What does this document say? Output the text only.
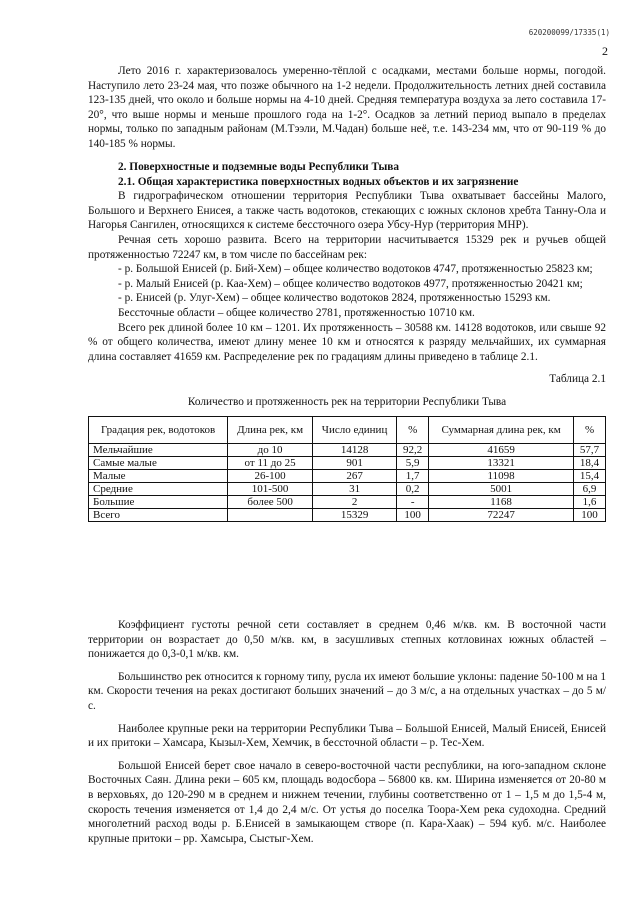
620200099/17335(1)
2

Лето 2016 г. характеризовалось умеренно-тёплой с осадками, местами больше нормы, погодой. Наступило лето 23-24 мая, что позже обычного на 1-2 недели. Продолжительность летних дней составила 123-135 дней, что около и больше нормы на 4-10 дней. Средняя температура воздуха за лето составила 17-20°, что выше нормы и меньше прошлого года на 1-2°. Осадков за летний период выпало в пределах нормы, только по западным районам (М.Тээли, М.Чадан) больше неё, т.е. 143-234 мм, что от 90-119 % до 140-185 % нормы.

2. Поверхностные и подземные воды Республики Тыва

2.1. Общая характеристика поверхностных водных объектов и их загрязнение

В гидрографическом отношении территория Республики Тыва охватывает бассейны Малого, Большого и Верхнего Енисея, а также часть водотоков, стекающих с южных склонов хребта Танну-Ола и Нагорья Сангилен, относящихся к системе бессточного озера Убсу-Нур (территория МНР).

Речная сеть хорошо развита. Всего на территории насчитывается 15329 рек и ручьев общей протяженностью 72247 км, в том числе по бассейнам рек:

- р. Большой Енисей (р. Бий-Хем) – общее количество водотоков 4747, протяженностью 25823 км;

- р. Малый Енисей (р. Каа-Хем) – общее количество водотоков 4977, протяженностью 20421 км;

- р. Енисей (р. Улуг-Хем) – общее количество водотоков 2824, протяженностью 15293 км.

Бессточные области – общее количество 2781, протяженностью 10710 км.

Всего рек длиной более 10 км – 1201. Их протяженность – 30588 км. 14128 водотоков, или свыше 92 % от общего количества, имеют длину менее 10 км и относятся к разряду мельчайших, их суммарная длина составляет 41659 км. Распределение рек по градациям длины приведено в таблице 2.1.

Таблица 2.1

Количество и протяженность рек на территории Республики Тыва

Градация рек, водотоков	Длина рек, км	Число единиц	%	Суммарная длина рек, км	%
Мельчайшие	до 10	14128	92,2	41659	57,7
Самые малые	от 11 до 25	901	5,9	13321	18,4
Малые	26-100	267	1,7	11098	15,4
Средние	101-500	31	0,2	5001	6,9
Большие	более 500	2	-	1168	1,6
Всего		15329	100	72247	100

Коэффициент густоты речной сети составляет в среднем 0,46 м/кв. км. В восточной части территории он возрастает до 0,50 м/кв. км, в засушливых степных котловинах южных областей – понижается до 0,3-0,1 м/кв. км.

Большинство рек относится к горному типу, русла их имеют большие уклоны: падение 50-100 м на 1 км. Скорости течения на реках достигают больших значений – до 3 м/с, а на отдельных участках – до 5 м/с.

Наиболее крупные реки на территории Республики Тыва – Большой Енисей, Малый Енисей, Енисей и их притоки – Хамсара, Кызыл-Хем, Хемчик, в бессточной области – р. Тес-Хем.

Большой Енисей берет свое начало в северо-восточной части республики, на юго-западном склоне Восточных Саян. Длина реки – 605 км, площадь водосбора – 56800 кв. км. Ширина изменяется от 20-80 м в верховьях, до 120-290 м в среднем и нижнем течении, глубины соответственно от 1 – 1,5 м до 1,5-4 м, скорость течения изменяется от 1,4 до 2,4 м/с. От устья до поселка Тоора-Хем река судоходна. Средний многолетний расход воды р. Б.Енисей в замыкающем створе (п. Кара-Хаак) – 594 куб. м/с. Наиболее крупные притоки – рр. Хамсыра, Сыстыг-Хем.
